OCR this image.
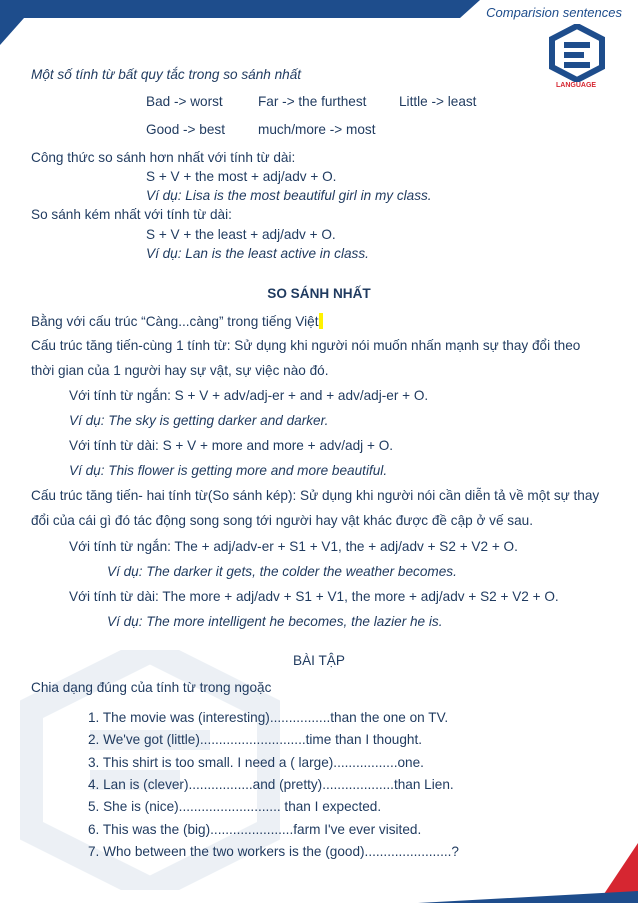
Comparision sentences
LANGUAGE
Một số tính từ bất quy tắc trong so sánh nhất
Bad -> worst	Far -> the furthest Little -> least
Good -> best much/more -> most
Công thức so sánh hơn nhất với tính từ dài:
S + V + the most + adj/adv + O.
Ví dụ: Lisa is the most beautiful girl in my class.
So sánh kém nhất với tính từ dài:
S + V + the least + adj/adv + O.
Ví dụ: Lan is the least active in class.
SO SÁNH NHẤT
Bằng với cấu trúc “Càng...càng” trong tiếng Việt
Cấu trúc tăng tiến-cùng 1 tính từ: Sử dụng khi người nói muốn nhấn mạnh sự thay đổi theo
thời gian của 1 người hay sự vật, sự việc nào đó.
Với tính từ ngắn: S + V + adv/adj-er + and + adv/adj-er + O.
Ví dụ: The sky is getting darker and darker.
Với tính từ dài: S + V + more and more + adv/adj + O.
Ví dụ: This flower is getting more and more beautiful.
Cấu trúc tăng tiến- hai tính từ(So sánh kép): Sử dụng khi người nói cần diễn tả về một sự thay
đổi của cái gì đó tác động song song tới người hay vật khác được đề cập ở vế sau.
Với tính từ ngắn: The + adj/adv-er + S1 + V1, the + adj/adv + S2 + V2 + O.
Ví dụ: The darker it gets, the colder the weather becomes.
Với tính từ dài: The more + adj/adv + S1 + V1, the more + adj/adv + S2 + V2 + O.
Ví dụ: The more intelligent he becomes, the lazier he is.
BÀI TẬP
Chia dạng đúng của tính từ trong ngoặc
1. The movie was (interesting)................than the one on TV.
2. We've got (little)............................time than I thought.
3. This shirt is too small. I need a ( large).................one.
4. Lan is (clever).................and (pretty)...................than Lien.
5. She is (nice)........................... than I expected.
6. This was the (big)......................farm I've ever visited.
7. Who between the two workers is the (good).......................?
